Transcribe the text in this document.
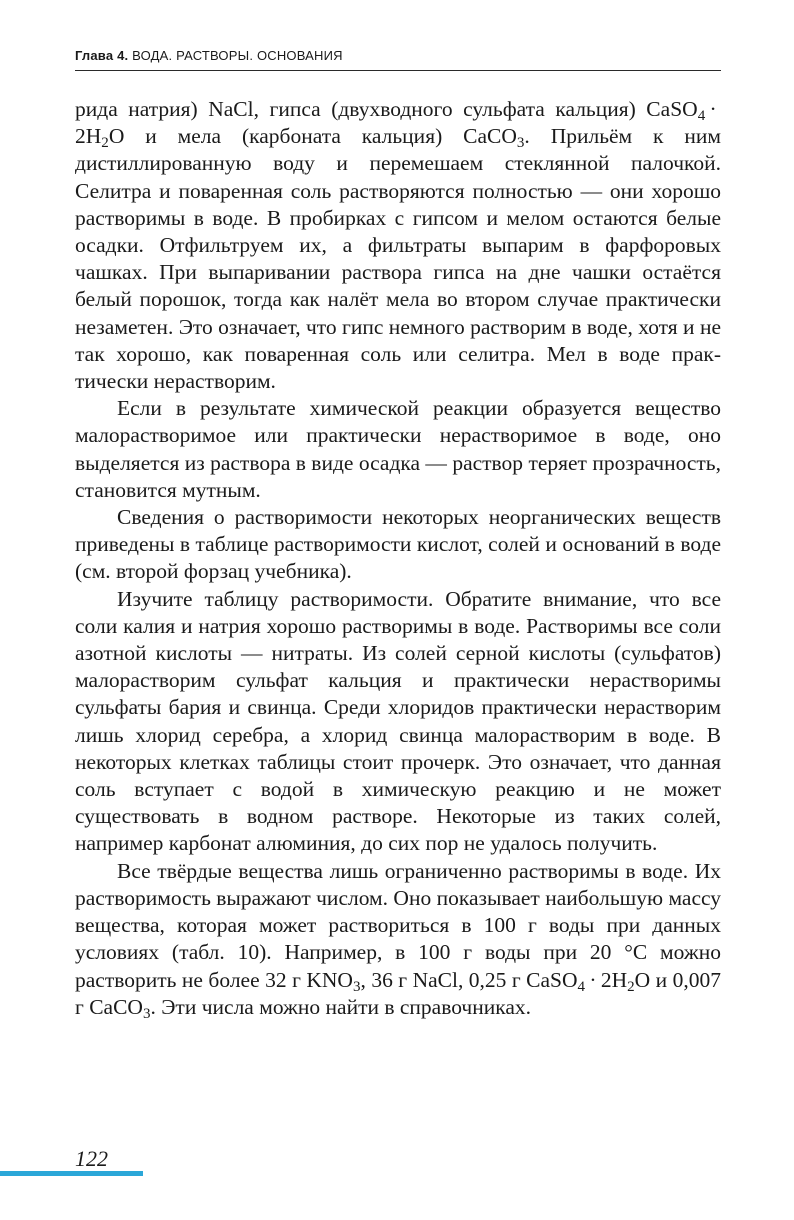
Глава 4. ВОДА. РАСТВОРЫ. ОСНОВАНИЯ

рида натрия) NaCl, гипса (двухводного сульфата кальция) CaSO$_4$ · $2H_2O$ и мела (карбоната кальция) CaCO$_3$. Прильём к ним дистиллированную воду и перемешаем стеклянной палочкой. Селитра и поваренная соль растворяются полностью — они хорошо растворимы в воде. В пробирках с гипсом и мелом остаются белые осадки. Отфильтруем их, а фильтраты выпарим в фарфоровых чашках. При выпаривании раствора гипса на дне чашки остаётся белый порошок, тогда как налёт мела во втором случае практически незаметен. Это означает, что гипс немного растворим в воде, хотя и не так хорошо, как поваренная соль или селитра. Мел в воде практически нерастворим.

Если в результате химической реакции образуется вещество малорастворимое или практически нерастворимое в воде, оно выделяется из раствора в виде осадка — раствор теряет прозрачность, становится мутным.

Сведения о растворимости некоторых неорганических веществ приведены в таблице растворимости кислот, солей и оснований в воде (см. второй форзац учебника).

Изучите таблицу растворимости. Обратите внимание, что все соли калия и натрия хорошо растворимы в воде. Растворимы все соли азотной кислоты — нитраты. Из солей серной кислоты (сульфатов) малорастворим сульфат кальция и практически нерастворимы сульфаты бария и свинца. Среди хлоридов практически нерастворим лишь хлорид серебра, а хлорид свинца малорастворим в воде. В некоторых клетках таблицы стоит прочерк. Это означает, что данная соль вступает с водой в химическую реакцию и не может существовать в водном растворе. Некоторые из таких солей, например карбонат алюминия, до сих пор не удалось получить.

Все твёрдые вещества лишь ограниченно растворимы в воде. Их растворимость выражают числом. Оно показывает наибольшую массу вещества, которая может раствориться в 100 г воды при данных условиях (табл. 10). Например, в 100 г воды при 20 °С можно растворить не более 32 г $KNO_3$, 36 г NaCl, 0,25 г CaSO$_4$ · $2H_2O$ и 0,007 г CaCO$_3$. Эти числа можно найти в справочниках.

122
